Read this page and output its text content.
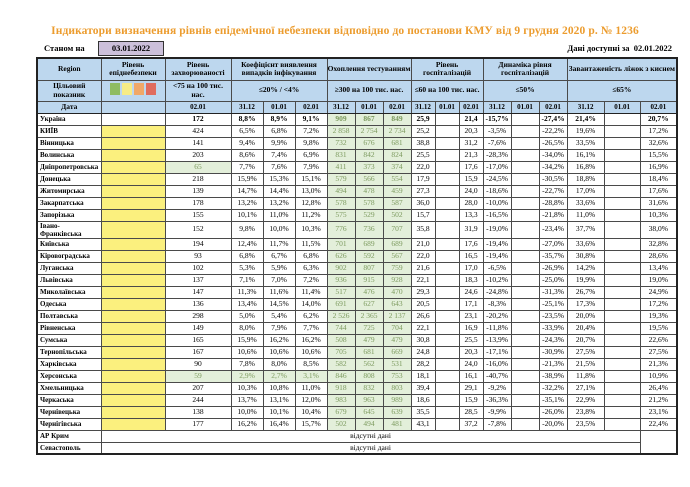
Індикатори визначення рівнів епідемічної небезпеки відповідно до постанови КМУ від 9 грудня 2020 р. № 1236
Станом на	03.01.2022	Дані доступні за 02.01.2022
Region	Рівень епіднебезпеки	Рівень захворюваності	Коефіцієнт виявлення випадків інфікування			Охоплення тестуванням			Рівень госпіталізацій			Динаміка рівня госпіталізацій			Завантаженість ліжок з киснем		
Цільовий показник		<75 на 100 тис. нас.	≤20% / <4%			≥300 на 100 тис. нас.			≤60 на 100 тис. нас.			≤50%			≤65%		
Дата		02.01	31.12	01.01	02.01	31.12	01.01	02.01	31.12	01.01	02.01	31.12	01.01	02.01	31.12	01.01	02.01
Україна		172	8,8%	8,9%	9,1%	909	867	849	25,9		21,4	-15,7%		-27,4%	21,4%		20,7%
КИЇВ		424	6,5%	6,8%	7,2%	2 858	2 754	2 734	25,2		20,3	-3,5%		-22,2%	19,6%		17,2%
Вінницька		141	9,4%	9,9%	9,8%	732	676	681	38,8		31,2	-7,6%		-26,5%	33,5%		32,6%
Волинська		203	8,6%	7,4%	6,9%	831	842	824	25,5		21,3	-28,3%		-34,0%	16,1%		15,5%
Дніпропетровська		65	7,7%	7,6%	7,9%	411	373	374	22,0		17,6	-17,0%		-34,2%	16,8%		16,9%
Донецька		218	15,9%	15,3%	15,1%	579	566	554	17,9		15,9	-24,5%		-30,5%	18,8%		18,4%
Житомирська		139	14,7%	14,4%	13,0%	494	478	459	27,3		24,0	-18,6%		-22,7%	17,0%		17,6%
Закарпатська		178	13,2%	13,2%	12,8%	578	578	587	36,0		28,0	-10,0%		-28,8%	33,6%		31,6%
Запорізька		155	10,1%	11,0%	11,2%	575	529	502	15,7		13,3	-16,5%		-21,8%	11,0%		10,3%
Івано-Франківська		152	9,8%	10,0%	10,3%	776	736	707	35,8		31,9	-19,0%		-23,4%	37,7%		38,0%
Київська		194	12,4%	11,7%	11,5%	701	689	689	21,0		17,6	-19,4%		-27,0%	33,6%		32,8%
Кіровоградська		93	6,8%	6,7%	6,8%	626	592	567	22,0		16,5	-19,4%		-35,7%	30,8%		28,6%
Луганська		102	5,3%	5,9%	6,3%	902	807	759	21,6		17,0	-6,5%		-26,9%	14,2%		13,4%
Львівська		137	7,1%	7,0%	7,2%	936	915	928	22,1		18,3	-10,2%		-25,0%	19,9%		19,0%
Миколаївська		147	11,3%	11,6%	11,4%	517	476	470	29,3		24,6	-24,8%		-31,3%	26,7%		24,9%
Одеська		136	13,4%	14,5%	14,0%	691	627	643	20,5		17,1	-8,3%		-25,1%	17,3%		17,2%
Полтавська		298	5,0%	5,4%	6,2%	2 526	2 365	2 137	26,6		23,1	-20,2%		-23,5%	20,0%		19,3%
Рівненська		149	8,0%	7,9%	7,7%	744	725	704	22,1		16,9	-11,8%		-33,9%	20,4%		19,5%
Сумська		165	15,9%	16,2%	16,2%	508	479	479	30,8		25,5	-13,9%		-24,3%	20,7%		22,6%
Тернопільська		167	10,6%	10,6%	10,6%	705	681	669	24,8		20,3	-17,1%		-30,9%	27,5%		27,5%
Харківська		90	7,8%	8,0%	8,5%	582	562	531	28,2		24,0	-16,0%		-21,3%	21,5%		21,3%
Херсонська		59	2,9%	2,7%	3,1%	846	808	753	18,1		16,1	-40,7%		-38,9%	11,8%		10,9%
Хмельницька		207	10,3%	10,8%	11,0%	918	832	803	39,4		29,1	-9,2%		-32,2%	27,1%		26,4%
Черкаська		244	13,7%	13,1%	12,0%	983	963	989	18,6		15,9	-36,3%		-35,1%	22,9%		21,2%
Чернівецька		138	10,0%	10,1%	10,4%	679	645	639	35,5		28,5	-9,9%		-26,0%	23,8%		23,1%
Чернігівська		177	16,2%	16,4%	15,7%	502	494	481	43,1		37,2	-7,8%		-20,0%	23,5%		22,4%
АР Крим	відсутні дані																
Севастополь	відсутні дані																
